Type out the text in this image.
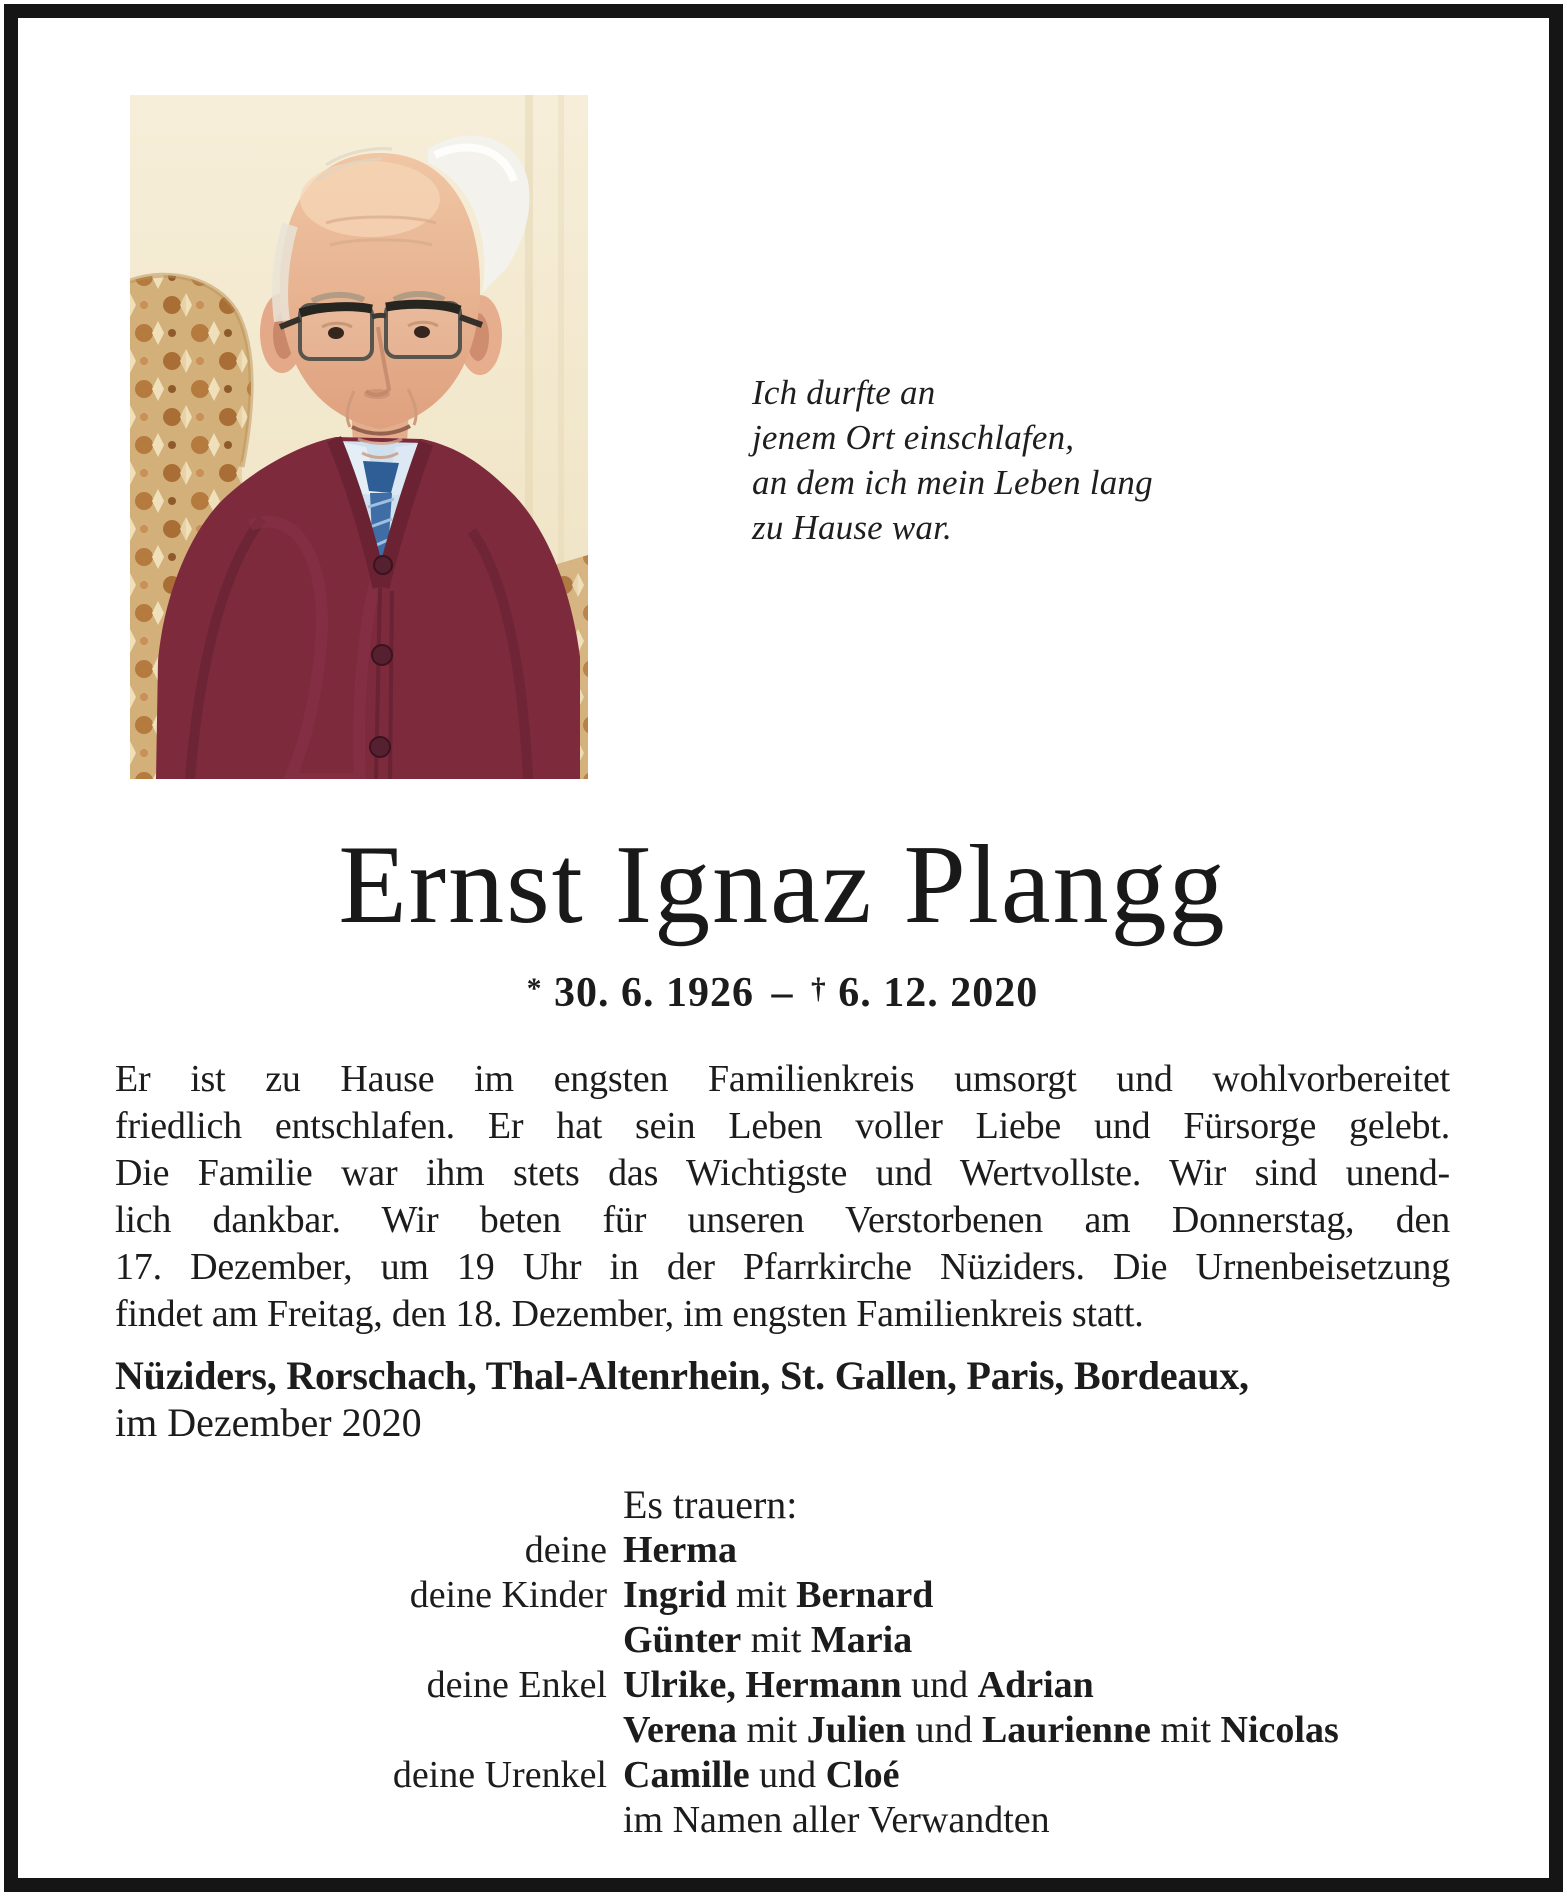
Ich durfte an
jenem Ort einschlafen,
an dem ich mein Leben lang
zu Hause war.
Ernst Ignaz Plangg
* 30. 6. 1926 – † 6. 12. 2020
Er ist zu Hause im engsten Familienkreis umsorgt und wohlvorbereitet
friedlich entschlafen. Er hat sein Leben voller Liebe und Fürsorge gelebt.
Die Familie war ihm stets das Wichtigste und Wertvollste. Wir sind unend-
lich dankbar. Wir beten für unseren Verstorbenen am Donnerstag, den
17. Dezember, um 19 Uhr in der Pfarrkirche Nüziders. Die Urnenbeisetzung
findet am Freitag, den 18. Dezember, im engsten Familienkreis statt.
Nüziders, Rorschach, Thal-Altenrhein, St. Gallen, Paris, Bordeaux,
im Dezember 2020
Es trauern:
deine Herma
deine Kinder Ingrid mit Bernard
Günter mit Maria
deine Enkel Ulrike, Hermann und Adrian
Verena mit Julien und Laurienne mit Nicolas
deine Urenkel Camille und Cloé
im Namen aller Verwandten
